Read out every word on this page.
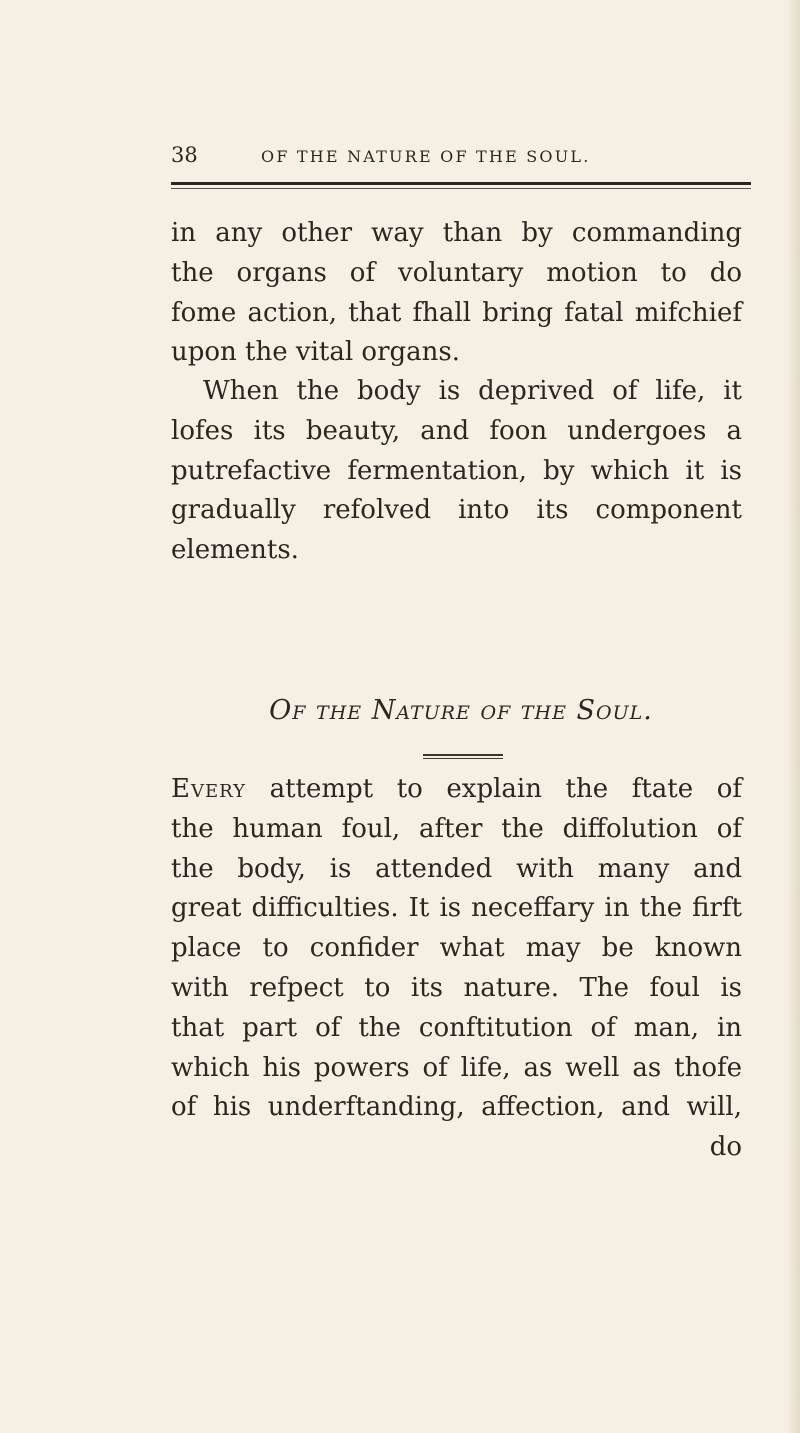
38	OF THE NATURE OF THE SOUL.

in any other way than by commanding
the organs of voluntary motion to do
fome action, that fhall bring fatal mifchief
upon the vital organs.

When the body is deprived of life, it
lofes its beauty, and foon undergoes a
putrefactive fermentation, by which it is
gradually refolved into its component
elements.

Of the Nature of the Soul.

Every attempt to explain the ftate of
the human foul, after the diffolution of
the body, is attended with many and
great difficulties. It is neceffary in the firft
place to confider what may be known
with refpect to its nature. The foul is
that part of the conftitution of man, in
which his powers of life, as well as thofe
of his underftanding, affection, and will,
do
